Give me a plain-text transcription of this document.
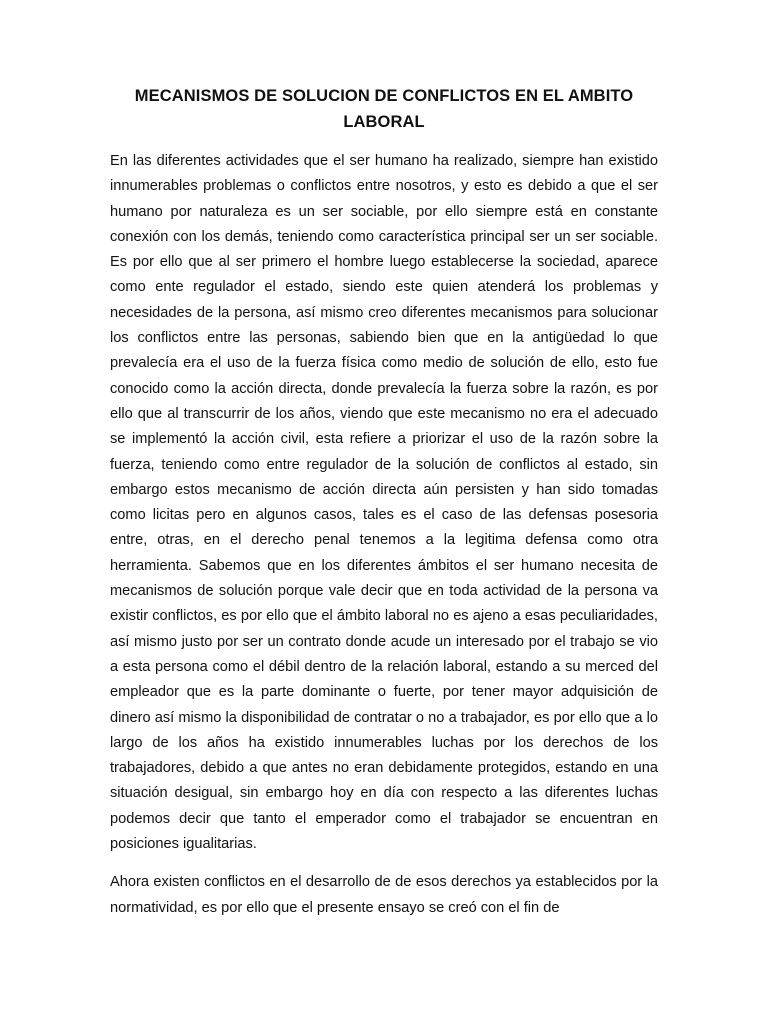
MECANISMOS DE SOLUCION DE CONFLICTOS EN EL AMBITO LABORAL

En las diferentes actividades que el ser humano ha realizado, siempre han existido innumerables problemas o conflictos entre nosotros, y esto es debido a que el ser humano por naturaleza es un ser sociable, por ello siempre está en constante conexión con los demás, teniendo como característica principal ser un ser sociable. Es por ello que al ser primero el hombre luego establecerse la sociedad, aparece como ente regulador el estado, siendo este quien atenderá los problemas y necesidades de la persona, así mismo creo diferentes mecanismos para solucionar los conflictos entre las personas, sabiendo bien que en la antigüedad lo que prevalecía era el uso de la fuerza física como medio de solución de ello, esto fue conocido como la acción directa, donde prevalecía la fuerza sobre la razón, es por ello que al transcurrir de los años, viendo que este mecanismo no era el adecuado se implementó la acción civil, esta refiere a priorizar el uso de la razón sobre la fuerza, teniendo como entre regulador de la solución de conflictos al estado, sin embargo estos mecanismo de acción directa aún persisten y han sido tomadas como licitas pero en algunos casos, tales es el caso de las defensas posesoria entre, otras, en el derecho penal tenemos a la legitima defensa como otra herramienta. Sabemos que en los diferentes ámbitos el ser humano necesita de mecanismos de solución porque vale decir que en toda actividad de la persona va existir conflictos, es por ello que el ámbito laboral no es ajeno a esas peculiaridades, así mismo justo por ser un contrato donde acude un interesado por el trabajo se vio a esta persona como el débil dentro de la relación laboral, estando a su merced del empleador que es la parte dominante o fuerte, por tener mayor adquisición de dinero así mismo la disponibilidad de contratar o no a trabajador, es por ello que a lo largo de los años ha existido innumerables luchas por los derechos de los trabajadores, debido a que antes no eran debidamente protegidos, estando en una situación desigual, sin embargo hoy en día con respecto a las diferentes luchas podemos decir que tanto el emperador como el trabajador se encuentran en posiciones igualitarias.

Ahora existen conflictos en el desarrollo de de esos derechos ya establecidos por la normatividad, es por ello que el presente ensayo se creó con el fin de
